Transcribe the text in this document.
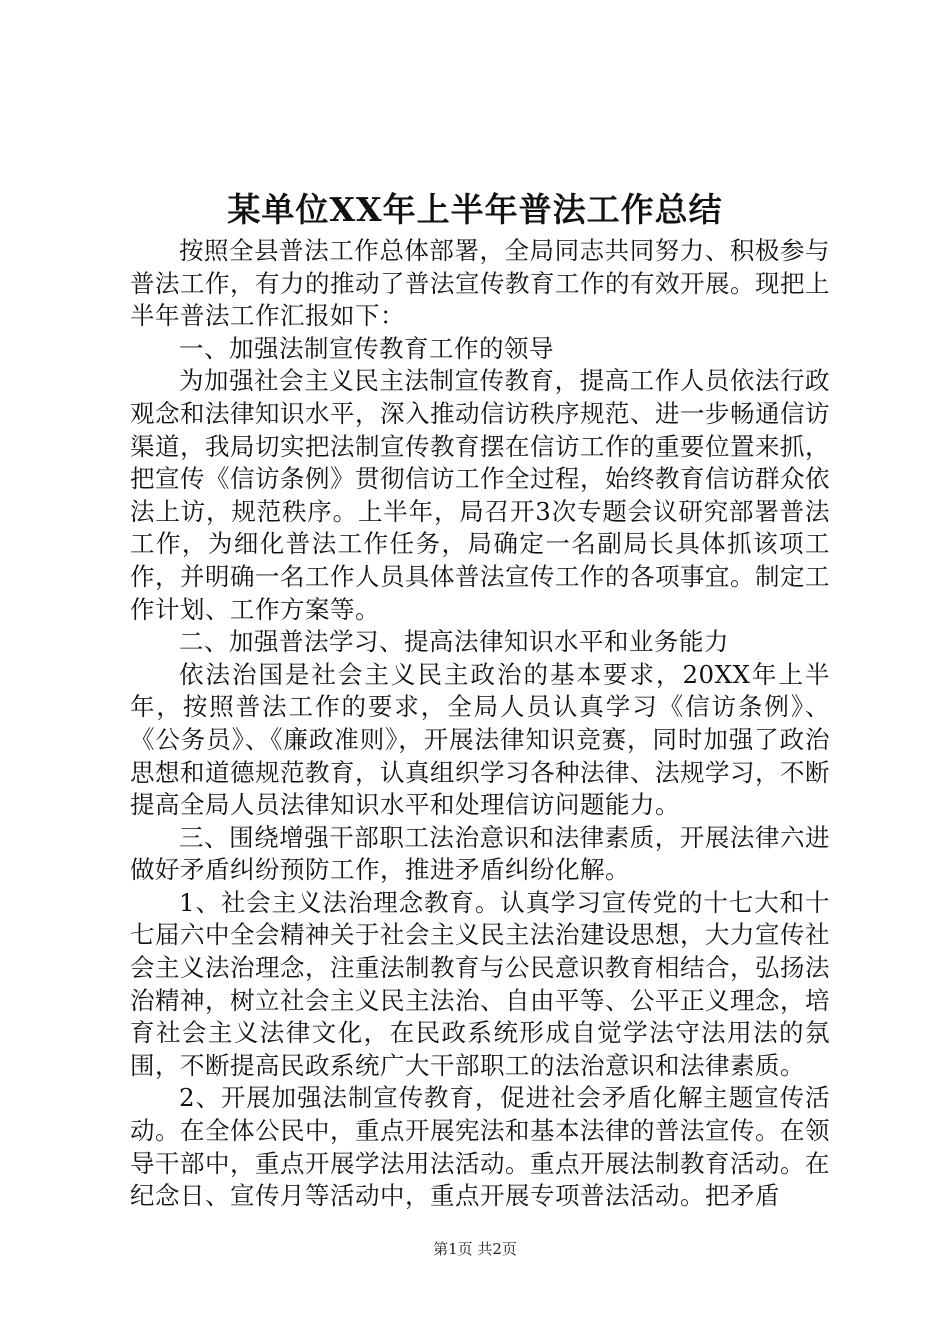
某单位XX年上半年普法工作总结

按照全县普法工作总体部署，全局同志共同努力、积极参与普法工作，有力的推动了普法宣传教育工作的有效开展。现把上半年普法工作汇报如下：

一、加强法制宣传教育工作的领导

为加强社会主义民主法制宣传教育，提高工作人员依法行政观念和法律知识水平，深入推动信访秩序规范、进一步畅通信访渠道，我局切实把法制宣传教育摆在信访工作的重要位置来抓，把宣传《信访条例》贯彻信访工作全过程，始终教育信访群众依法上访，规范秩序。上半年，局召开3次专题会议研究部署普法工作，为细化普法工作任务，局确定一名副局长具体抓该项工作，并明确一名工作人员具体普法宣传工作的各项事宜。制定工作计划、工作方案等。

二、加强普法学习、提高法律知识水平和业务能力

依法治国是社会主义民主政治的基本要求，20XX年上半年，按照普法工作的要求，全局人员认真学习《信访条例》、《公务员》、《廉政准则》，开展法律知识竞赛，同时加强了政治思想和道德规范教育，认真组织学习各种法律、法规学习，不断提高全局人员法律知识水平和处理信访问题能力。

三、围绕增强干部职工法治意识和法律素质，开展法律六进做好矛盾纠纷预防工作，推进矛盾纠纷化解。

1、社会主义法治理念教育。认真学习宣传党的十七大和十七届六中全会精神关于社会主义民主法治建设思想，大力宣传社会主义法治理念，注重法制教育与公民意识教育相结合，弘扬法治精神，树立社会主义民主法治、自由平等、公平正义理念，培育社会主义法律文化，在民政系统形成自觉学法守法用法的氛围，不断提高民政系统广大干部职工的法治意识和法律素质。

2、开展加强法制宣传教育，促进社会矛盾化解主题宣传活动。在全体公民中，重点开展宪法和基本法律的普法宣传。在领导干部中，重点开展学法用法活动。重点开展法制教育活动。在纪念日、宣传月等活动中，重点开展专项普法活动。把矛盾

第1页 共2页
